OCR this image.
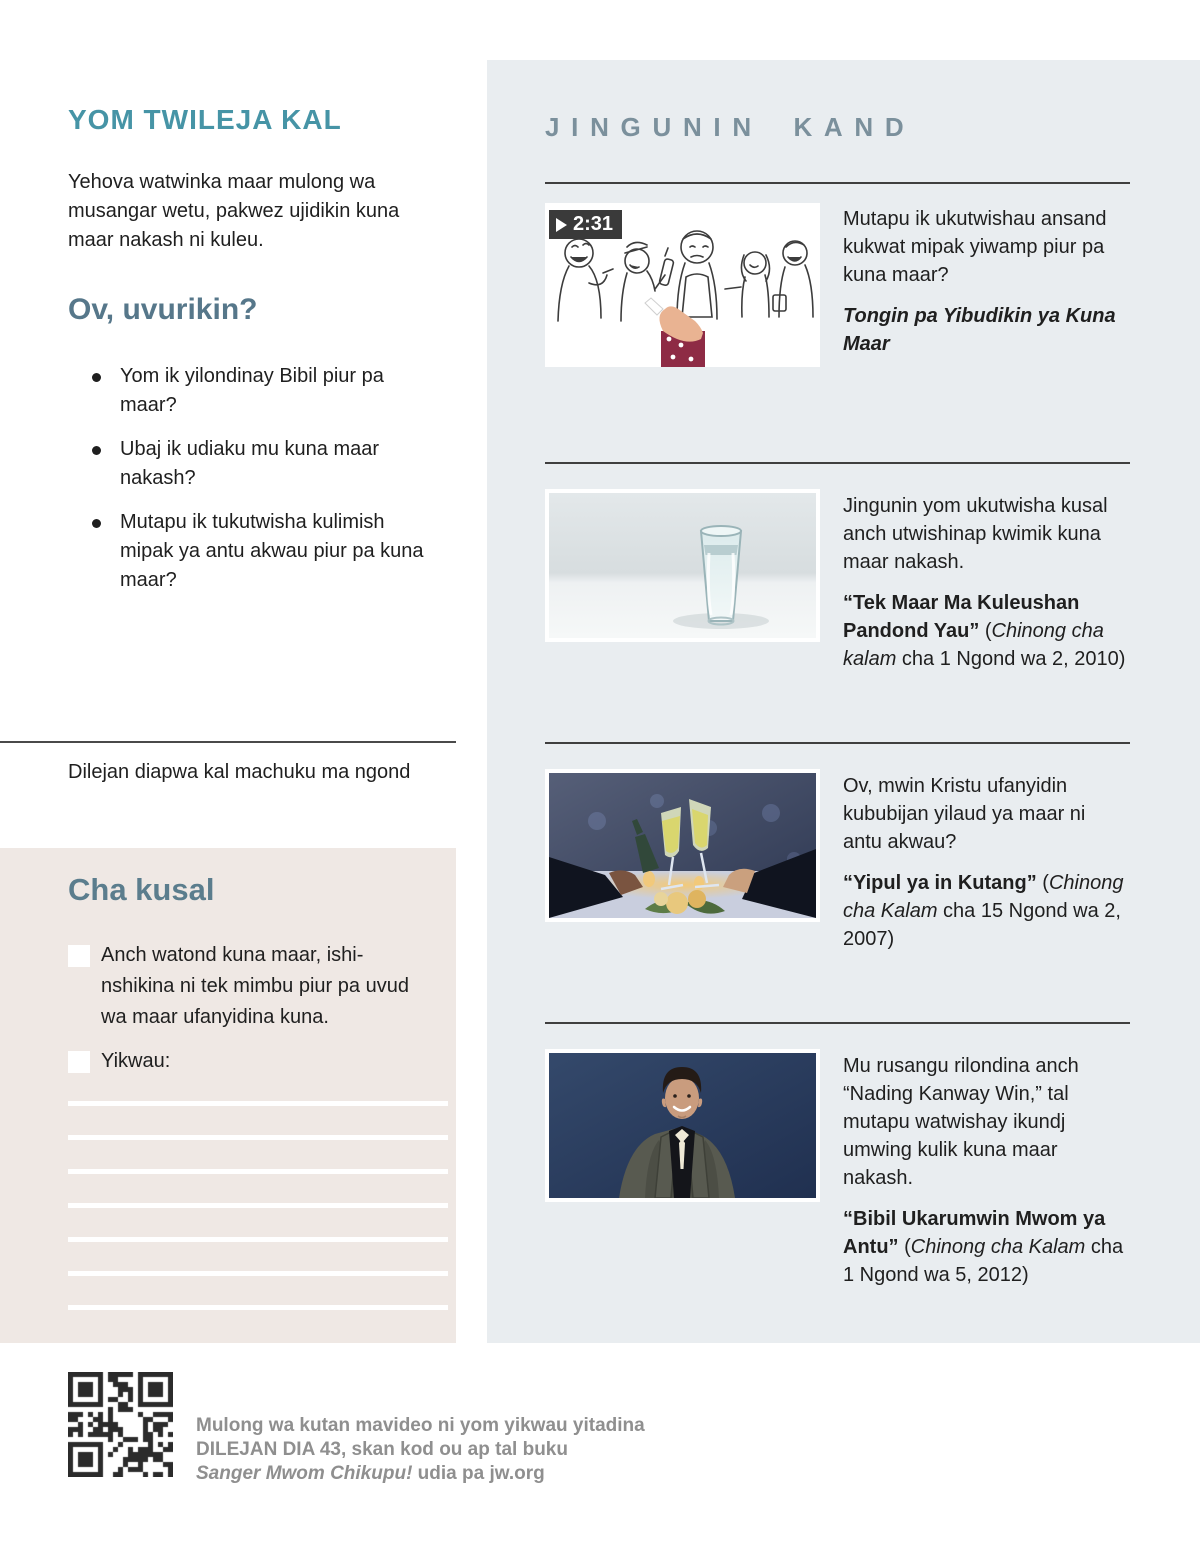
YOM TWILEJA KAL

Yehova watwinka maar mulong wa musangar wetu, pakwez ujidikin kuna maar nakash ni kuleu.

Ov, uvurikin?
Yom ik yilondinay Bibil piur pa maar?
Ubaj ik udiaku mu kuna maar nakash?
Mutapu ik tukutwisha kulimish mipak ya antu akwau piur pa kuna maar?

Dilejan diapwa kal machuku ma ngond

Cha kusal
Anch watond kuna maar, ishi-nshikina ni tek mimbu piur pa uvud wa maar ufanyidina kuna.
Yikwau:
JINGUNIN KAND
2:31	Mutapu ik ukutwishau ansand kukwat mipak yiwamp piur pa kuna maar?

Tongin pa Yibudikin ya Kuna Maar

Jingunin yom ukutwisha kusal anch utwishinap kwimik kuna maar nakash.

“Tek Maar Ma Kuleushan Pandond Yau” (Chinong cha kalam cha 1 Ngond wa 2, 2010)

Ov, mwin Kristu ufanyidin kububijan yilaud ya maar ni antu akwau?

“Yipul ya in Kutang” (Chinong cha Kalam cha 15 Ngond wa 2, 2007)

Mu rusangu rilondina anch “Nading Kanway Win,” tal mutapu watwishay ikundj umwing kulik kuna maar nakash.

“Bibil Ukarumwin Mwom ya Antu” (Chinong cha Kalam cha 1 Ngond wa 5, 2012)

Mulong wa kutan mavideo ni yom yikwau yitadina

DILEJAN DIA 43, skan kod ou ap tal buku

Sanger Mwom Chikupu! udia pa jw.org
